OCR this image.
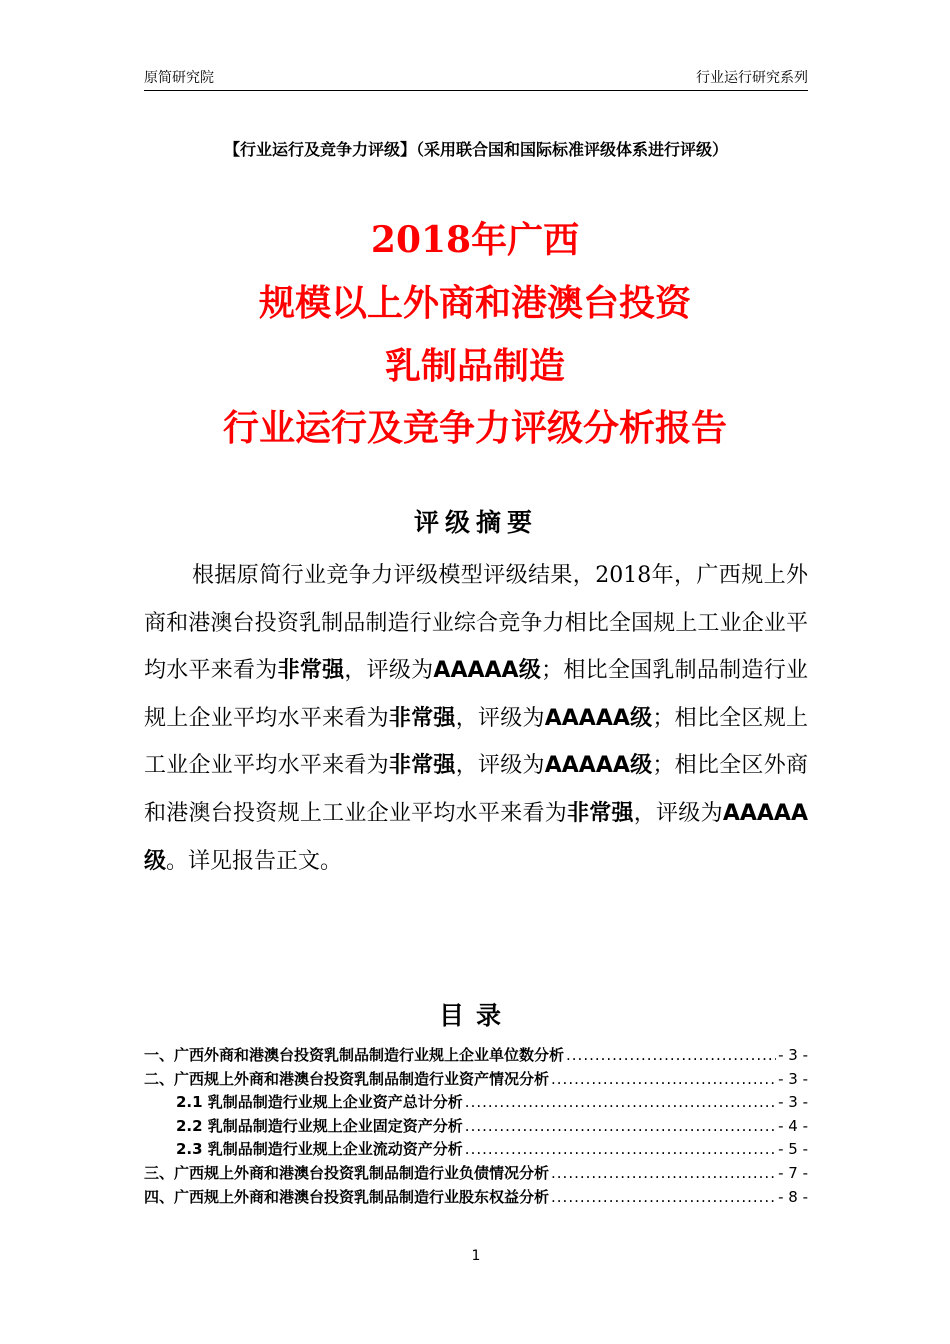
原简研究院	行业运行研究系列
【行业运行及竞争力评级】（采用联合国和国际标准评级体系进行评级）
2018年广西
规模以上外商和港澳台投资
乳制品制造
行业运行及竞争力评级分析报告
评级摘要

根据原简行业竞争力评级模型评级结果，2018年，广西规上外商和港澳台投资乳制品制造行业综合竞争力相比全国规上工业企业平均水平来看为非常强，评级为AAAAA级；相比全国乳制品制造行业规上企业平均水平来看为非常强，评级为AAAAA级；相比全区规上工业企业平均水平来看为非常强，评级为AAAAA级；相比全区外商和港澳台投资规上工业企业平均水平来看为非常强，评级为AAAAA级。详见报告正文。

目录
一、广西外商和港澳台投资乳制品制造行业规上企业单位数分析 .....	- 3 -
二、广西规上外商和港澳台投资乳制品制造行业资产情况分析 .....	- 3 -
2.1 乳制品制造行业规上企业资产总计分析 .....	- 3 -
2.2 乳制品制造行业规上企业固定资产分析 .....	- 4 -
2.3 乳制品制造行业规上企业流动资产分析 .....	- 5 -
三、广西规上外商和港澳台投资乳制品制造行业负债情况分析 .....	- 7 -
四、广西规上外商和港澳台投资乳制品制造行业股东权益分析 .....	- 8 -
1
